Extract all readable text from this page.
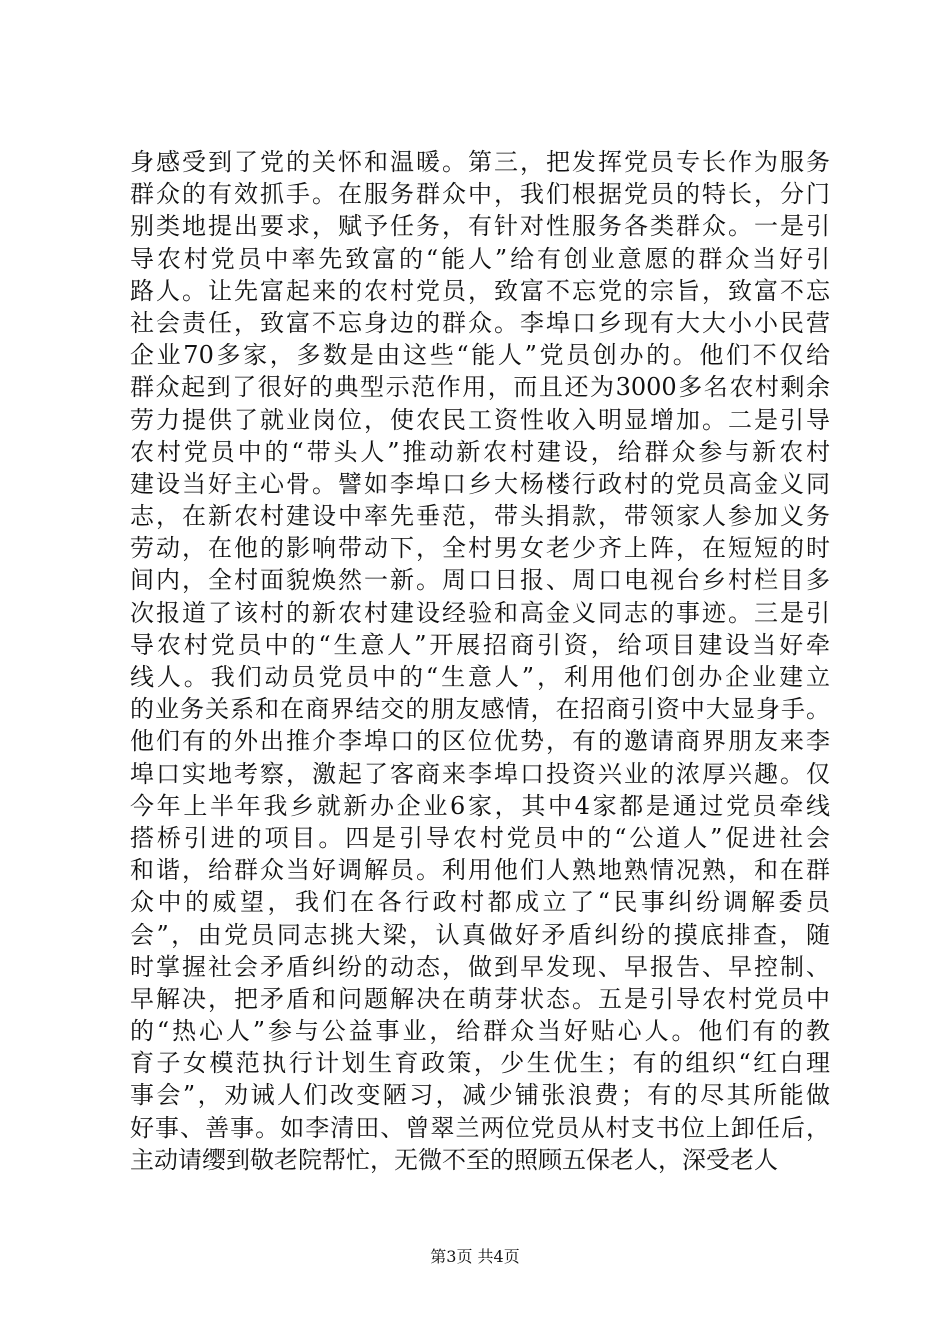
身感受到了党的关怀和温暖。第三，把发挥党员专长作为服务
群众的有效抓手。在服务群众中，我们根据党员的特长，分门
别类地提出要求，赋予任务，有针对性服务各类群众。一是引
导农村党员中率先致富的“能人”给有创业意愿的群众当好引
路人。让先富起来的农村党员，致富不忘党的宗旨，致富不忘
社会责任，致富不忘身边的群众。李埠口乡现有大大小小民营
企业70多家，多数是由这些“能人”党员创办的。他们不仅给
群众起到了很好的典型示范作用，而且还为3000多名农村剩余
劳力提供了就业岗位，使农民工资性收入明显增加。二是引导
农村党员中的“带头人”推动新农村建设，给群众参与新农村
建设当好主心骨。譬如李埠口乡大杨楼行政村的党员高金义同
志，在新农村建设中率先垂范，带头捐款，带领家人参加义务
劳动，在他的影响带动下，全村男女老少齐上阵，在短短的时
间内，全村面貌焕然一新。周口日报、周口电视台乡村栏目多
次报道了该村的新农村建设经验和高金义同志的事迹。三是引
导农村党员中的“生意人”开展招商引资，给项目建设当好牵
线人。我们动员党员中的“生意人”，利用他们创办企业建立
的业务关系和在商界结交的朋友感情，在招商引资中大显身手。
他们有的外出推介李埠口的区位优势，有的邀请商界朋友来李
埠口实地考察，激起了客商来李埠口投资兴业的浓厚兴趣。仅
今年上半年我乡就新办企业6家，其中4家都是通过党员牵线
搭桥引进的项目。四是引导农村党员中的“公道人”促进社会
和谐，给群众当好调解员。利用他们人熟地熟情况熟，和在群
众中的威望，我们在各行政村都成立了“民事纠纷调解委员
会”，由党员同志挑大梁，认真做好矛盾纠纷的摸底排查，随
时掌握社会矛盾纠纷的动态，做到早发现、早报告、早控制、
早解决，把矛盾和问题解决在萌芽状态。五是引导农村党员中
的“热心人”参与公益事业，给群众当好贴心人。他们有的教
育子女模范执行计划生育政策，少生优生；有的组织“红白理
事会”，劝诫人们改变陋习，减少铺张浪费；有的尽其所能做
好事、善事。如李清田、曾翠兰两位党员从村支书位上卸任后，
主动请缨到敬老院帮忙，无微不至的照顾五保老人，深受老人
第3页 共4页
